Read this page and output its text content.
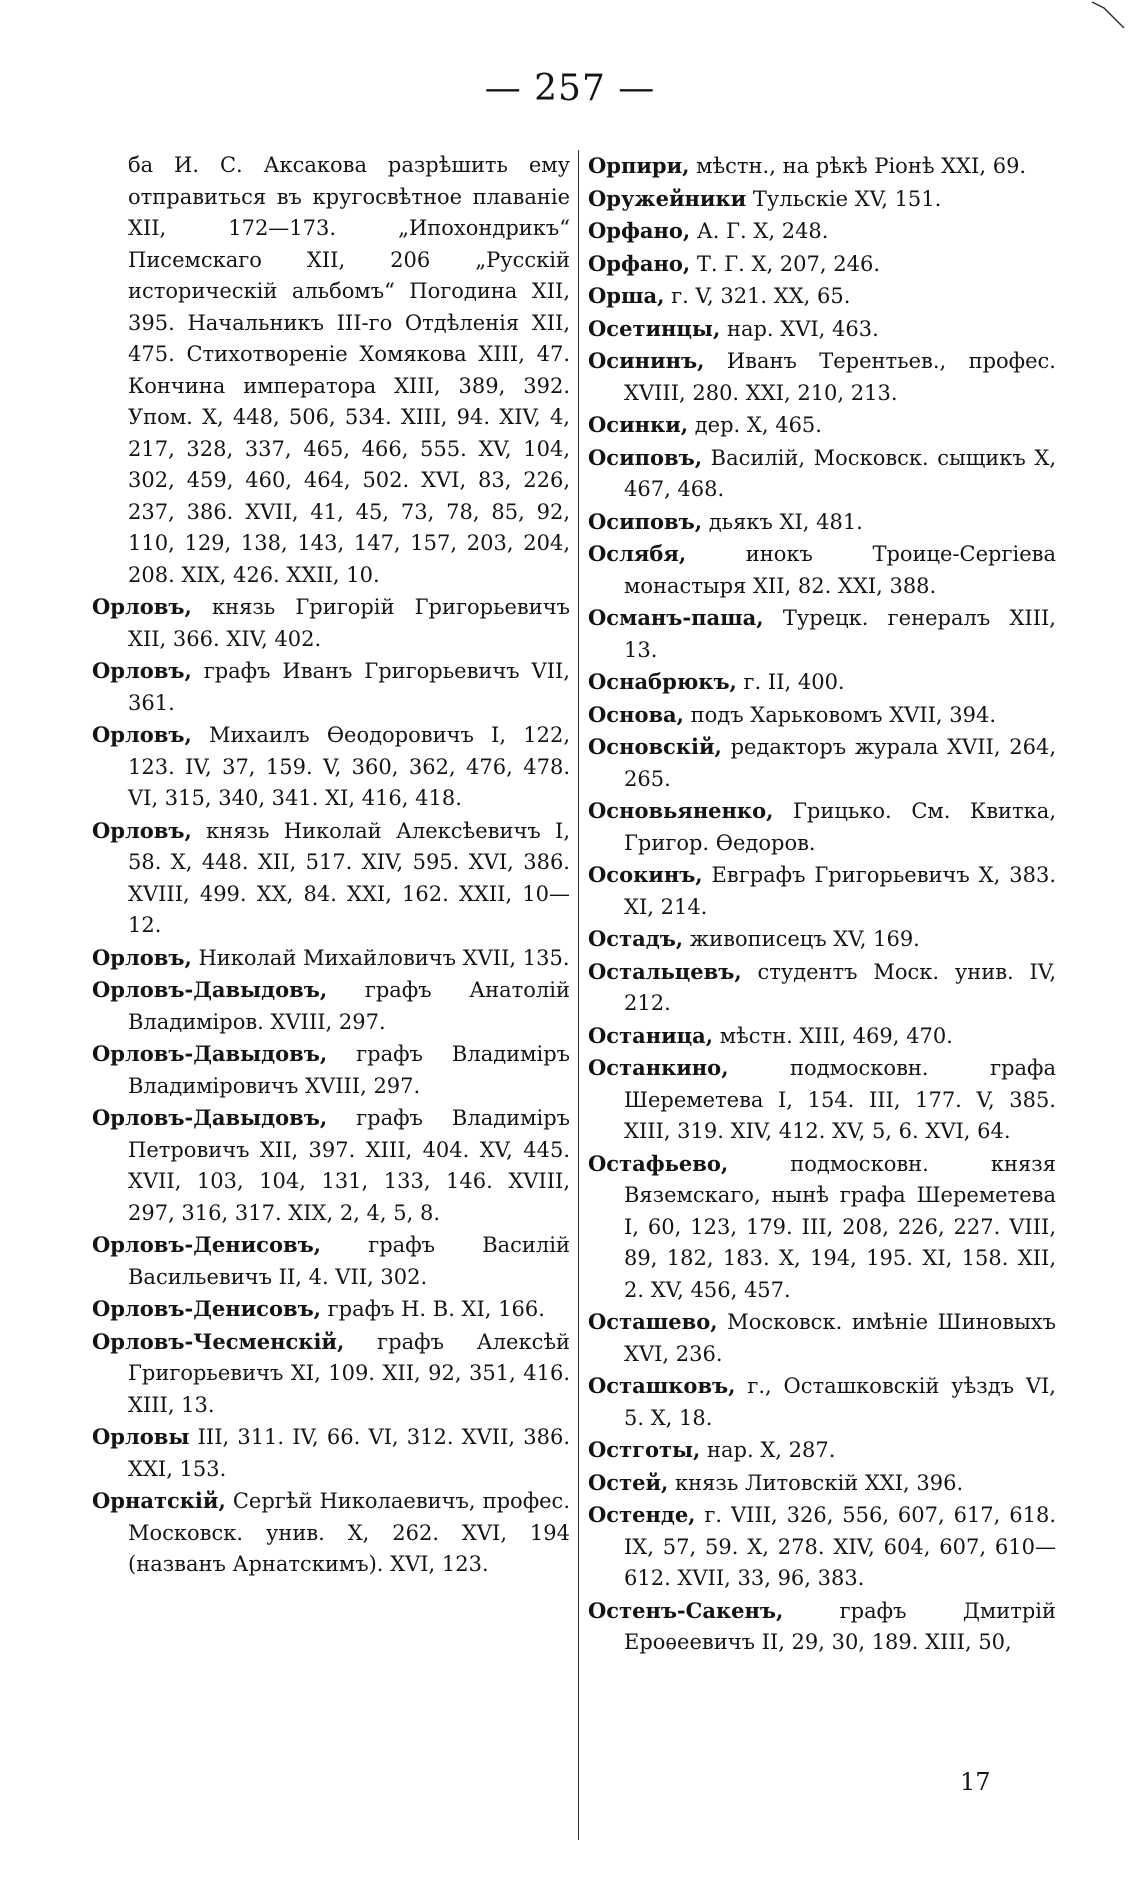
— 257 —

ба И. С. Аксакова разрѣшить ему отправиться въ кругосвѣтное плаваніе XII, 172—173. „Ипохондрикъ“ Писемскаго XII, 206 „Русскій историческій альбомъ“ Погодина XII, 395. Начальникъ III-го Отдѣленія XII, 475. Стихотвореніе Хомякова XIII, 47. Кончина императора XIII, 389, 392. Упом. X, 448, 506, 534. XIII, 94. XIV, 4, 217, 328, 337, 465, 466, 555. XV, 104, 302, 459, 460, 464, 502. XVI, 83, 226, 237, 386. XVII, 41, 45, 73, 78, 85, 92, 110, 129, 138, 143, 147, 157, 203, 204, 208. XIX, 426. XXII, 10.

Орловъ, князь Григорій Григорьевичъ XII, 366. XIV, 402.

Орловъ, графъ Иванъ Григорьевичъ VII, 361.

Орловъ, Михаилъ Ѳеодоровичъ I, 122, 123. IV, 37, 159. V, 360, 362, 476, 478. VI, 315, 340, 341. XI, 416, 418.

Орловъ, князь Николай Алексѣевичъ I, 58. X, 448. XII, 517. XIV, 595. XVI, 386. XVIII, 499. XX, 84. XXI, 162. XXII, 10—12.

Орловъ, Николай Михайловичъ XVII, 135.

Орловъ-Давыдовъ, графъ Анатолій Владиміров. XVIII, 297.

Орловъ-Давыдовъ, графъ Владиміръ Владиміровичъ XVIII, 297.

Орловъ-Давыдовъ, графъ Владиміръ Петровичъ XII, 397. XIII, 404. XV, 445. XVII, 103, 104, 131, 133, 146. XVIII, 297, 316, 317. XIX, 2, 4, 5, 8.

Орловъ-Денисовъ, графъ Василій Васильевичъ II, 4. VII, 302.

Орловъ-Денисовъ, графъ Н. В. XI, 166.

Орловъ-Чесменскій, графъ Алексѣй Григорьевичъ XI, 109. XII, 92, 351, 416. XIII, 13.

Орловы III, 311. IV, 66. VI, 312. XVII, 386. XXI, 153.

Орнатскій, Сергѣй Николаевичъ, профес. Московск. унив. X, 262. XVI, 194 (названъ Арнатскимъ). XVI, 123.

Орпири, мѣстн., на рѣкѣ Ріонѣ XXI, 69.

Оружейники Тульскіе XV, 151.

Орфано, А. Г. X, 248.

Орфано, Т. Г. X, 207, 246.

Орша, г. V, 321. XX, 65.

Осетинцы, нар. XVI, 463.

Осининъ, Иванъ Терентьев., профес. XVIII, 280. XXI, 210, 213.

Осинки, дер. X, 465.

Осиповъ, Василій, Московск. сыщикъ X, 467, 468.

Осиповъ, дьякъ XI, 481.

Ослябя, инокъ Троице-Сергіева монастыря XII, 82. XXI, 388.

Османъ-паша, Турецк. генералъ XIII, 13.

Оснабрюкъ, г. II, 400.

Основа, подъ Харьковомъ XVII, 394.

Основскій, редакторъ журала XVII, 264, 265.

Основьяненко, Грицько. См. Квитка, Григор. Ѳедоров.

Осокинъ, Евграфъ Григорьевичъ X, 383. XI, 214.

Остадъ, живописецъ XV, 169.

Остальцевъ, студентъ Моск. унив. IV, 212.

Останица, мѣстн. XIII, 469, 470.

Останкино, подмосковн. графа Шереметева I, 154. III, 177. V, 385. XIII, 319. XIV, 412. XV, 5, 6. XVI, 64.

Остафьево, подмосковн. князя Вяземскаго, нынѣ графа Шереметева I, 60, 123, 179. III, 208, 226, 227. VIII, 89, 182, 183. X, 194, 195. XI, 158. XII, 2. XV, 456, 457.

Осташево, Московск. имѣніе Шиновыхъ XVI, 236.

Осташковъ, г., Осташковскій уѣздъ VI, 5. X, 18.

Остготы, нар. X, 287.

Остей, князь Литовскій XXI, 396.

Остенде, г. VIII, 326, 556, 607, 617, 618. IX, 57, 59. X, 278. XIV, 604, 607, 610—612. XVII, 33, 96, 383.

Остенъ-Сакенъ, графъ Дмитрій Ероѳеевичъ II, 29, 30, 189. XIII, 50,

17
